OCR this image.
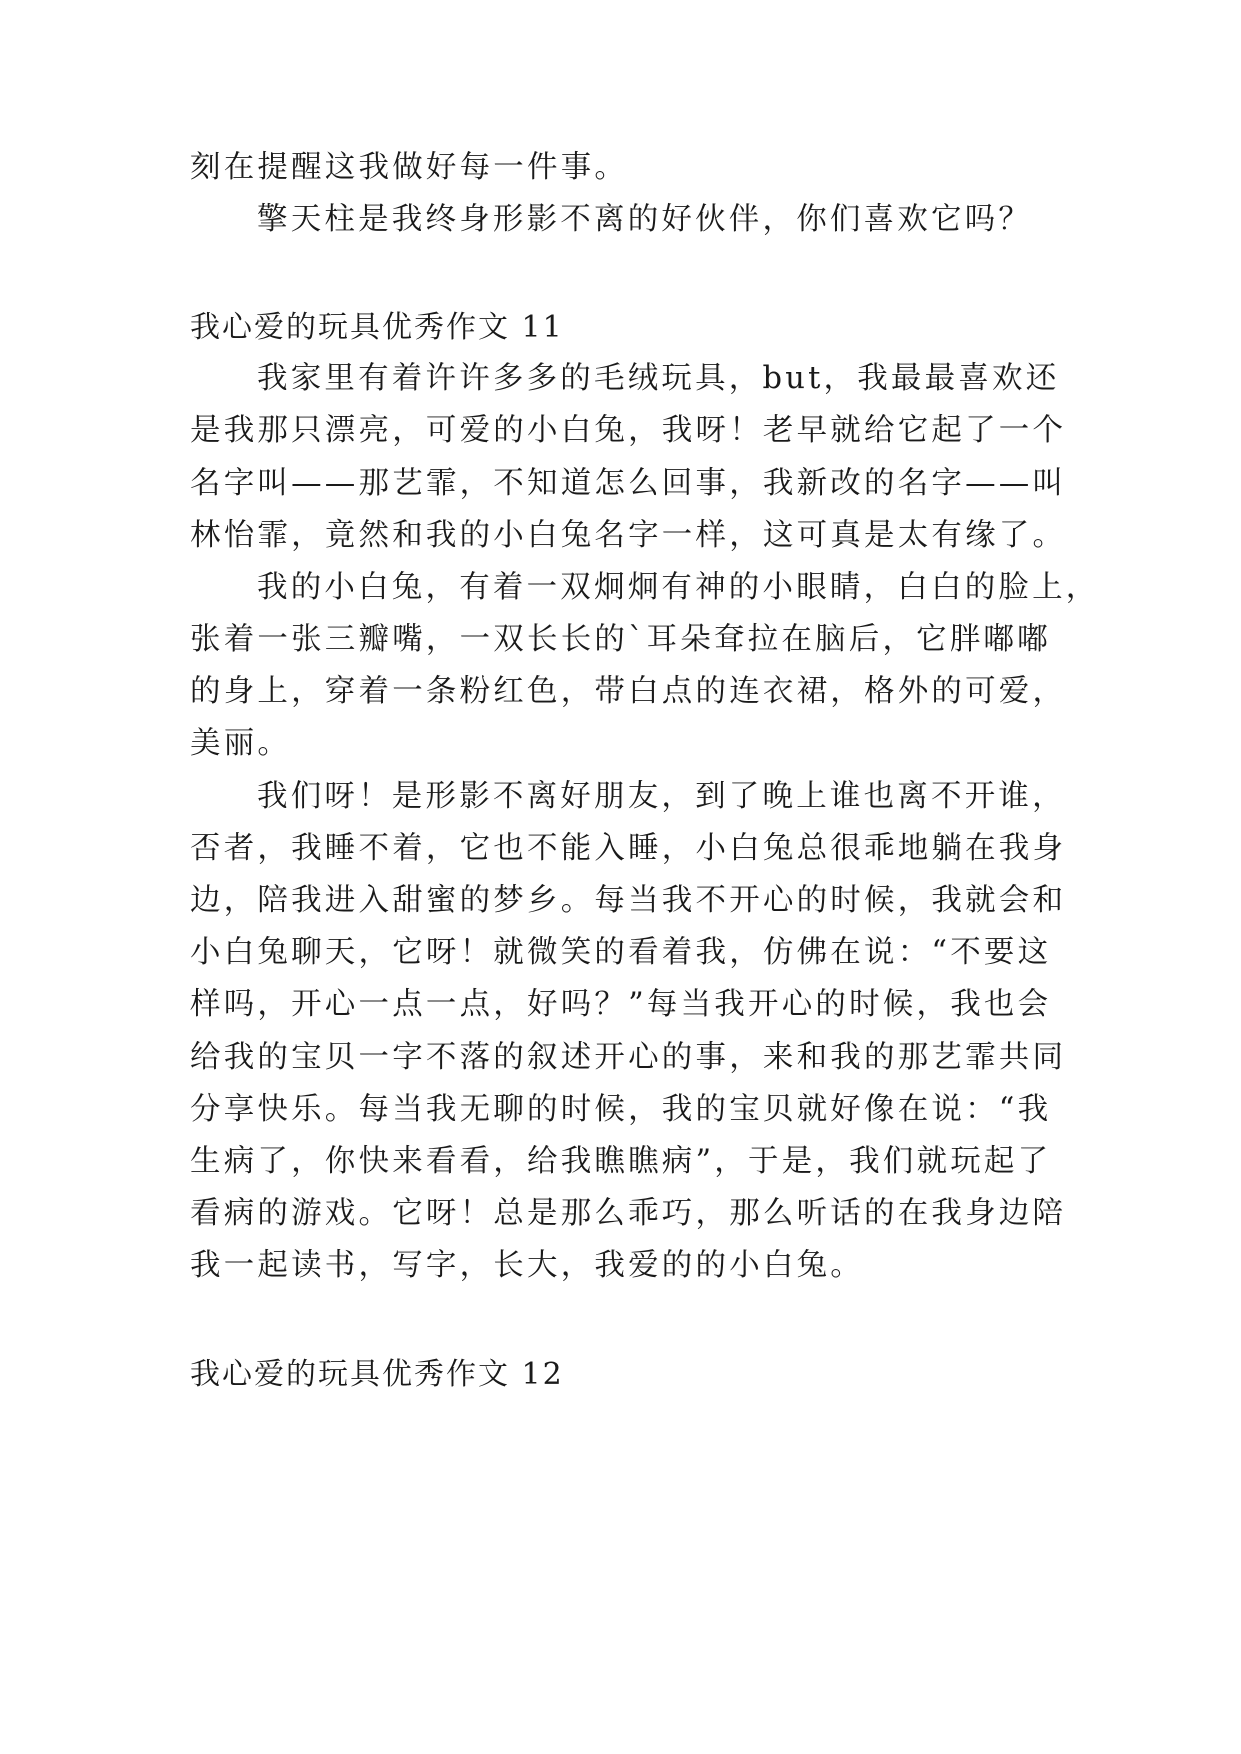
刻在提醒这我做好每一件事。

擎天柱是我终身形影不离的好伙伴，你们喜欢它吗？

我心爱的玩具优秀作文 11

我家里有着许许多多的毛绒玩具，but，我最最喜欢还

是我那只漂亮，可爱的小白兔，我呀！老早就给它起了一个

名字叫——那艺霏，不知道怎么回事，我新改的名字——叫

林怡霏，竟然和我的小白兔名字一样，这可真是太有缘了。

我的小白兔，有着一双炯炯有神的小眼睛，白白的脸上，

张着一张三瓣嘴，一双长长的`耳朵耷拉在脑后，它胖嘟嘟

的身上，穿着一条粉红色，带白点的连衣裙，格外的可爱，

美丽。

我们呀！是形影不离好朋友，到了晚上谁也离不开谁，

否者，我睡不着，它也不能入睡，小白兔总很乖地躺在我身

边，陪我进入甜蜜的梦乡。每当我不开心的时候，我就会和

小白兔聊天，它呀！就微笑的看着我，仿佛在说：“不要这

样吗，开心一点一点，好吗？”每当我开心的时候，我也会

给我的宝贝一字不落的叙述开心的事，来和我的那艺霏共同

分享快乐。每当我无聊的时候，我的宝贝就好像在说：“我

生病了，你快来看看，给我瞧瞧病”，于是，我们就玩起了

看病的游戏。它呀！总是那么乖巧，那么听话的在我身边陪

我一起读书，写字，长大，我爱的的小白兔。

我心爱的玩具优秀作文 12
